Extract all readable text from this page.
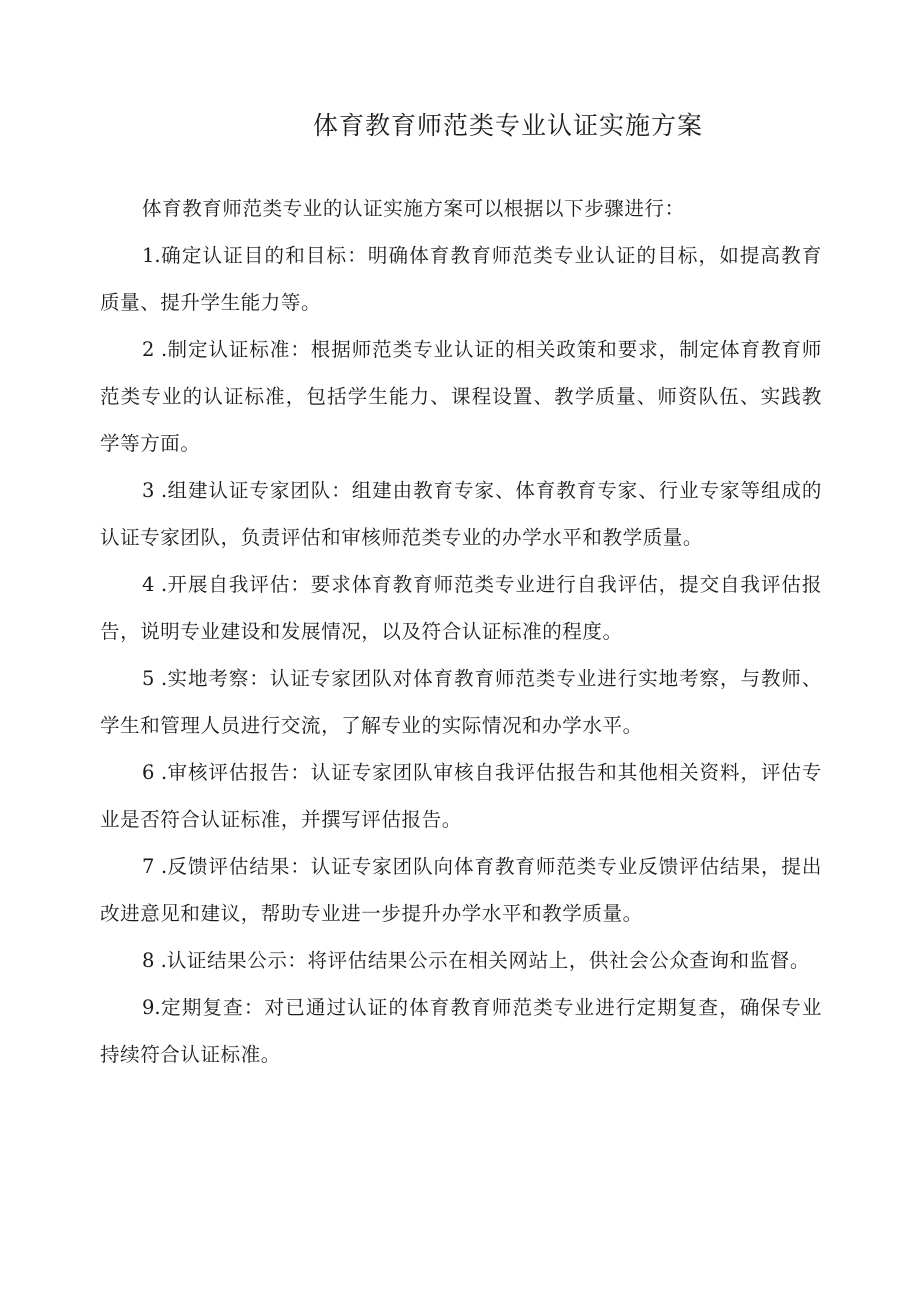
体育教育师范类专业认证实施方案

体育教育师范类专业的认证实施方案可以根据以下步骤进行：

1.确定认证目的和目标：明确体育教育师范类专业认证的目标，如提高教育质量、提升学生能力等。

2 .制定认证标准：根据师范类专业认证的相关政策和要求，制定体育教育师范类专业的认证标准，包括学生能力、课程设置、教学质量、师资队伍、实践教学等方面。

3 .组建认证专家团队：组建由教育专家、体育教育专家、行业专家等组成的认证专家团队，负责评估和审核师范类专业的办学水平和教学质量。

4 .开展自我评估：要求体育教育师范类专业进行自我评估，提交自我评估报告，说明专业建设和发展情况，以及符合认证标准的程度。

5 .实地考察：认证专家团队对体育教育师范类专业进行实地考察，与教师、学生和管理人员进行交流，了解专业的实际情况和办学水平。

6 .审核评估报告：认证专家团队审核自我评估报告和其他相关资料，评估专业是否符合认证标准，并撰写评估报告。

7 .反馈评估结果：认证专家团队向体育教育师范类专业反馈评估结果，提出改进意见和建议，帮助专业进一步提升办学水平和教学质量。

8 .认证结果公示：将评估结果公示在相关网站上，供社会公众查询和监督。

9.定期复查：对已通过认证的体育教育师范类专业进行定期复查，确保专业持续符合认证标准。
